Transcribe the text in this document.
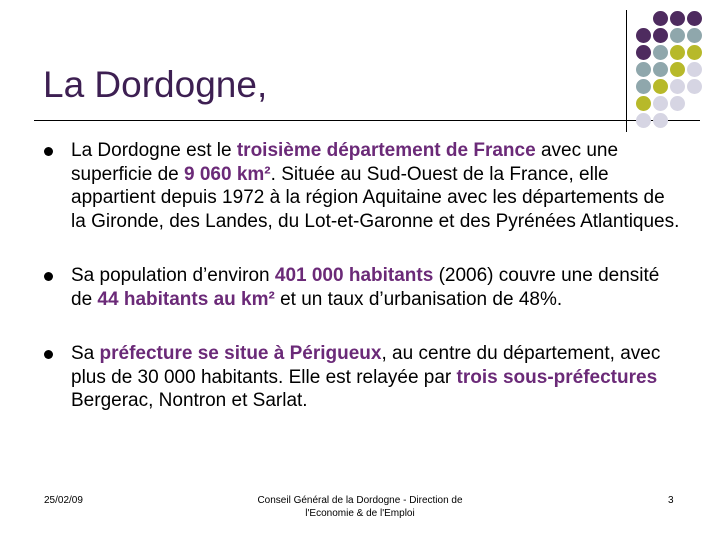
La Dordogne,
La Dordogne est le troisième département de France avec une superficie de 9 060 km². Située au Sud-Ouest de la France, elle appartient depuis 1972 à la région Aquitaine avec les départements de la Gironde, des Landes, du Lot-et-Garonne et des Pyrénées Atlantiques.
Sa population d’environ 401 000 habitants (2006) couvre une densité de 44 habitants au km² et un taux d’urbanisation de 48%.
Sa préfecture se situe à Périgueux, au centre du département, avec plus de 30 000 habitants. Elle est relayée par trois sous-préfectures Bergerac, Nontron et Sarlat.
25/02/09	Conseil Général de la Dordogne - Direction de l'Economie & de l'Emploi
3
